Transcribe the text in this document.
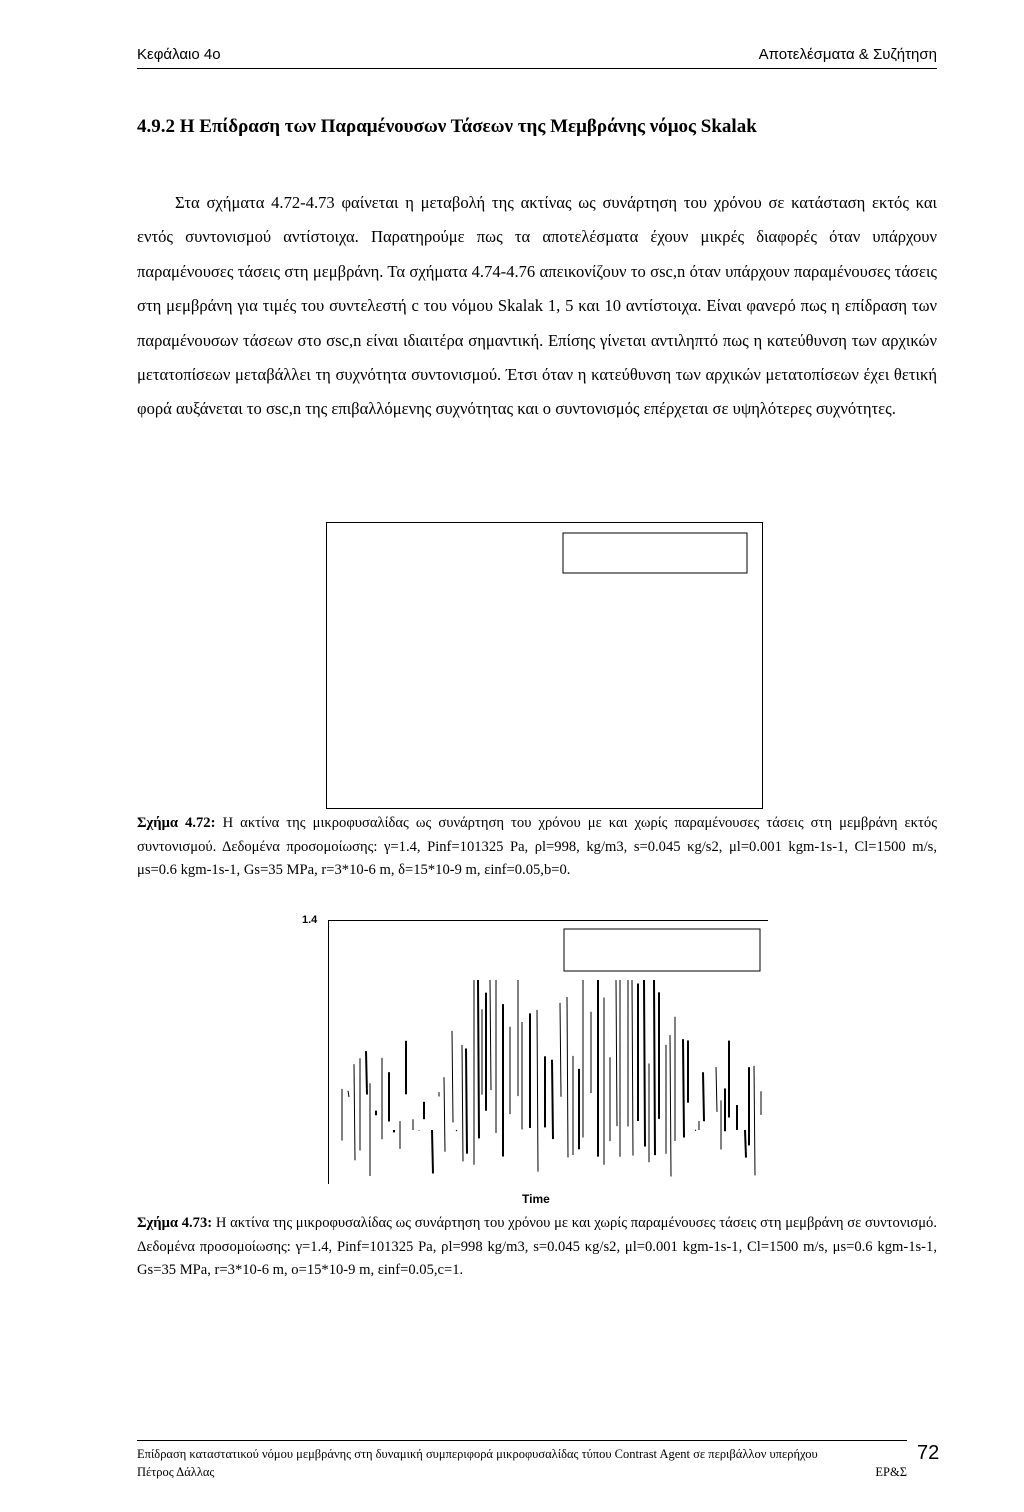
Κεφάλαιο 4ο	Αποτελέσματα & Συζήτηση
4.9.2 Η Επίδραση των Παραμένουσων Τάσεων της Μεμβράνης νόμος Skalak

Στα σχήματα 4.72-4.73 φαίνεται η μεταβολή της ακτίνας ως συνάρτηση του χρόνου σε κατάσταση εκτός και εντός συντονισμού αντίστοιχα. Παρατηρούμε πως τα αποτελέσματα έχουν μικρές διαφορές όταν υπάρχουν παραμένουσες τάσεις στη μεμβράνη. Τα σχήματα 4.74-4.76 απεικονίζουν το σsc,n όταν υπάρχουν παραμένουσες τάσεις στη μεμβράνη για τιμές του συντελεστή c του νόμου Skalak 1, 5 και 10 αντίστοιχα. Είναι φανερό πως η επίδραση των παραμένουσων τάσεων στο σsc,n είναι ιδιαιτέρα σημαντική. Επίσης γίνεται αντιληπτό πως η κατεύθυνση των αρχικών μετατοπίσεων μεταβάλλει τη συχνότητα συντονισμού. Έτσι όταν η κατεύθυνση των αρχικών μετατοπίσεων έχει θετική φορά αυξάνεται το σsc,n της επιβαλλόμενης συχνότητας και ο συντονισμός επέρχεται σε υψηλότερες συχνότητες.

Σχήμα 4.72: Η ακτίνα της μικροφυσαλίδας ως συνάρτηση του χρόνου με και χωρίς παραμένουσες τάσεις στη μεμβράνη εκτός συντονισμού. Δεδομένα προσομοίωσης: γ=1.4, Pinf=101325 Pa, ρl=998, kg/m3, s=0.045 κg/s2, μl=0.001 kgm-1s-1, Cl=1500 m/s, μs=0.6 kgm-1s-1, Gs=35 MPa, r=3*10-6 m, δ=15*10-9 m, εinf=0.05,b=0.
1.4
Time
Σχήμα 4.73: Η ακτίνα της μικροφυσαλίδας ως συνάρτηση του χρόνου με και χωρίς παραμένουσες τάσεις στη μεμβράνη σε συντονισμό. Δεδομένα προσομοίωσης: γ=1.4, Pinf=101325 Pa, ρl=998 kg/m3, s=0.045 κg/s2, μl=0.001 kgm-1s-1, Cl=1500 m/s, μs=0.6 kgm-1s-1, Gs=35 MPa, r=3*10-6 m, ο=15*10-9 m, εinf=0.05,c=1.
Επίδραση καταστατικού νόμου μεμβράνης στη δυναμική συμπεριφορά μικροφυσαλίδας τύπου Contrast Agent σε περιβάλλον υπερήχου
Πέτρος Δάλλας	ΕΡ&Σ
72
